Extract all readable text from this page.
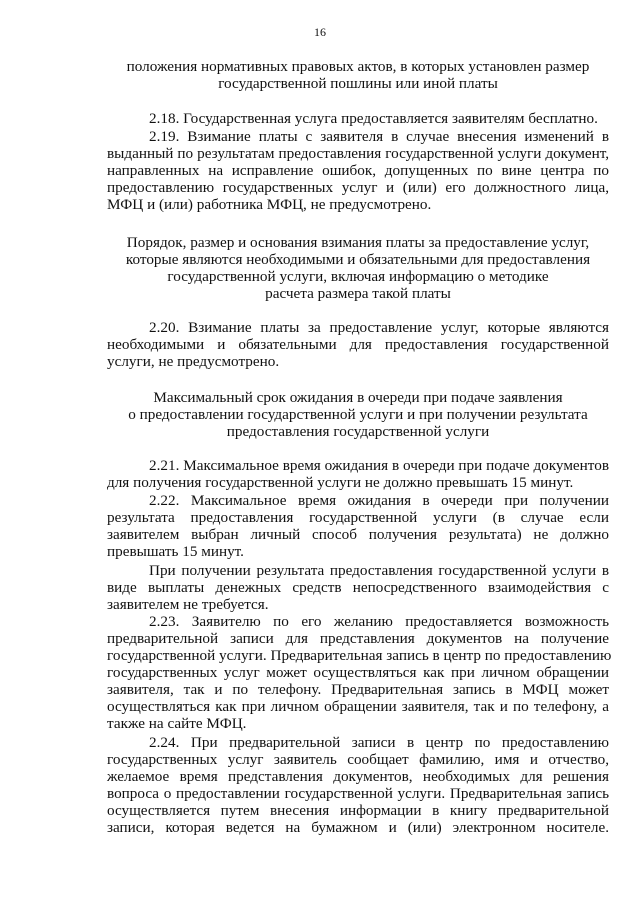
16
положения нормативных правовых актов, в которых установлен размер
государственной пошлины или иной платы
2.18. Государственная услуга предоставляется заявителям бесплатно.
2.19. Взимание платы с заявителя в случае внесения изменений в
выданный по результатам предоставления государственной услуги документ,
направленных на исправление ошибок, допущенных по вине центра по
предоставлению государственных услуг и (или) его должностного лица,
МФЦ и (или) работника МФЦ, не предусмотрено.
Порядок, размер и основания взимания платы за предоставление услуг,
которые являются необходимыми и обязательными для предоставления
государственной услуги, включая информацию о методике
расчета размера такой платы
2.20. Взимание платы за предоставление услуг, которые являются
необходимыми и обязательными для предоставления государственной
услуги, не предусмотрено.
Максимальный срок ожидания в очереди при подаче заявления
о предоставлении государственной услуги и при получении результата
предоставления государственной услуги
2.21. Максимальное время ожидания в очереди при подаче документов
для получения государственной услуги не должно превышать 15 минут.
2.22. Максимальное время ожидания в очереди при получении
результата предоставления государственной услуги (в случае если
заявителем выбран личный способ получения результата) не должно
превышать 15 минут.
При получении результата предоставления государственной услуги в
виде выплаты денежных средств непосредственного взаимодействия с
заявителем не требуется.
2.23. Заявителю по его желанию предоставляется возможность
предварительной записи для представления документов на получение
государственной услуги. Предварительная запись в центр по предоставлению
государственных услуг может осуществляться как при личном обращении
заявителя, так и по телефону. Предварительная запись в МФЦ может
осуществляться как при личном обращении заявителя, так и по телефону, а
также на сайте МФЦ.
2.24. При предварительной записи в центр по предоставлению
государственных услуг заявитель сообщает фамилию, имя и отчество,
желаемое время представления документов, необходимых для решения
вопроса о предоставлении государственной услуги. Предварительная запись
осуществляется путем внесения информации в книгу предварительной
записи, которая ведется на бумажном и (или) электронном носителе.
